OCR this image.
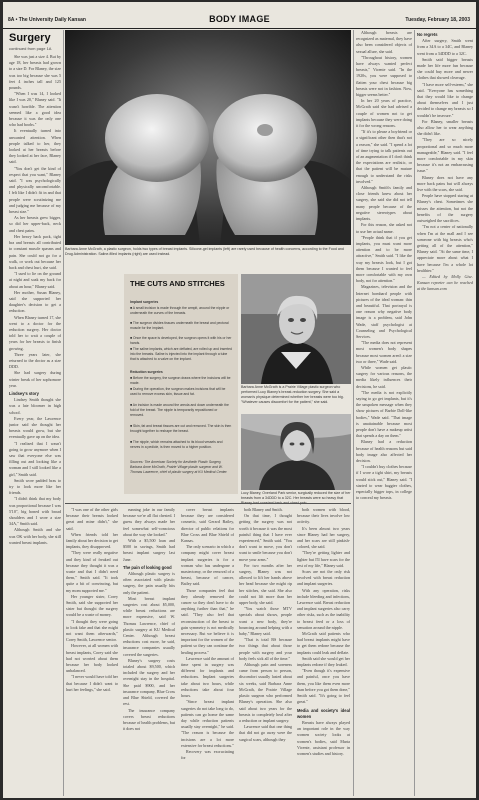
8A • The University Daily Kansan	BODY IMAGE	Tuesday, February 18, 2003
Surgery
continued from page 1A

She was just a size 4. But by age 18, her breasts had grown to a size D. For Blaney, the size was too big because she was 5 feet 4 inches tall and 125 pounds.

"When I was 14, I looked like I was 20," Blaney said. "It wasn't horrible. The attention seemed like a good idea because it was the only one who had boobs."

It eventually turned into unwanted attention. When people talked to her, they looked at her breasts before they looked at her face, Blaney said.

"You don't get the kind of respect that you want," Blaney said. "I was psychologically and physically uncomfortable. I felt like I didn't fit in and that people were scrutinizing me and judging me because of my breast size."

As her breasts grew bigger, so did her upper-back, neck and chest pains.

Her heavy back pack, tight bra and breasts all contributed to constant muscle spasms and pain. She could not go for a walk, or work out because her back and chest hurt, she said.

"I used to lie on the ground at night and soak my back for about an hour," Blaney said.

Her mother, Susan Blaney, said she supported her daughter's decision to get a reduction.

When Blaney turned 17, she went to a doctor for the reduction surgery. Her doctor told her to wait a couple of years for her breasts to finish growing.

Three years later, she returned to the doctor as a size DDD.

She had surgery during winter break of her sophomore year.

Lindsey's story

Lindsey Smith thought she was a late bloomer in high school.

Every year, the Lawrence junior said she thought her breasts would grow, but she eventually gave up on the idea.

"I realized that I wasn't going to grow anymore when I saw that everyone else was filling out and looking like a woman and I still looked like a girl," Smith said.

Smith wore padded bras to try to look more like her friends.

"I didn't think that my body was proportional because I was 5'10", big boned with broad shoulders and I wore a size 34A," Smith said.

Although Smith and she was OK with her body, she still wanted breast implants.

"I was one of the other girls because their breasts looked great and mine didn't," she said.

When friends told her family about her decision to get implants, they disapproved.

"They were really negative and they kind of freaked out because they thought it was a waste and that I didn't need them," Smith said. "It took quite a bit of convincing, but my mom supported me."

Her younger sister, Corey Smith, said she supported her sister but thought the surgery would be a waste of money.

"I thought they were going to look fake and that she might not want them afterwards," Corey Smith, Lawrence senior.

However, at all women with breast implants, Corey said she had not worried about them because her body looked unbalanced.

"I never would have told her that because I didn't want to hurt her feelings," she said.

running joke in our family because we're all flat chested. I guess they always made her feel somewhat self-conscious about the way she looked."

With a $5,500 loan and $500 in savings, Smith had breast implant surgery last June.

The pain of looking good

Although plastic surgery is often associated with plastic surgery, the pain usually hits only the patient.

Most breast implant surgeries cost about $5,000, while breast reductions are more expensive, said W. Thomas Lawrence, chief of plastic surgery at KU Medical Center. Although breast reductions cost more, he said, insurance companies usually covered the surgeries.

Blaney's surgery costs totaled about $9,500, which included the surgery and her overnight stay in the hospital. She paid $900, and her insurance company, Blue Cross and Blue Shield, covered the rest.

The insurance company covers breast reductions because of health problems, but it does not

cover breast implants because they are considered cosmetic, said Gerard Bailey, director of public relations for Blue Cross and Blue Shield of Kansas.

The only scenario in which a company might cover breast implant surgeries is for a woman who has undergone a mastectomy, or the removal of a breast, because of cancer, Bailey said.

Those companies feel that they already removed the cancer so they don't have to do anything further than that," he said. "They also feel that reconstruction of the breast to gain symmetry is not medically necessary. But we believe it is important for the women of the patient so they can continue the healing process."

Lawrence said the amount of time spent in surgery was different for implants and reductions. Implant surgeries take about two hours, while reductions take about four hours.

"Since breast implant surgeries do not take long to do, patients can go home the same day while reduction patients usually stay overnight," he said. "The reason is because the incisions are a lot more extensive for breast reductions."

Recovery was excruciating for

both Blaney and Smith.

On that time, I thought getting the surgery was not worth it because it was the most painful thing that I have ever experienced," Smith said. "You don't want to move, you don't want to smile because you don't move your arms."

For two months after her surgery, Blaney was not allowed to lift her hands above her head because she might rip her stitches, she said. She also could not lift more than her upper body, she said.

"You watch those MTV specials about shows, people want a new body, they're bouncing around helping with a baby," Blaney said.

"That is total BS because two things that about those people with surgery and your body feels sick all of the time."

Although pain and soreness came from person to person, discomfort usually lasted about six weeks, said Barbara Anne McGrath, the Prairie Village plastic surgeon who performed Blaney's operation. She also said about two years for the breasts to completely heal after a reduction or implant surgery.

Lawrence said that one thing that did not go away were the surgical scars, although they

both women with blood, because their lives involve low activity.

It's been almost two years since Blaney had her surgery, and her scars are still pinkish-colored, she said.

"They're getting lighter and lighter but I'll have scars for the rest of my life," Blaney said.

Scars are not the only risk involved with breast reduction and implant surgeries.

With any operation, risks include bleeding and infections, Lawrence said. Breast reduction and implant surgeries also carry other risks, such as the inability to breast feed or a loss of sensation around the nipple.

McGrath said patients who had breast implants might have to get them redone because the implants could leak and deflate.

Smith said she would get her implants redone if they leaked.

"Even though it's expensive and painful, once you have them, you like them even more than before you got them done," Smith said. "It's going to feel great."

Media and society's ideal women

Breasts have always played an important role in the way women society looks at women's bodies, said Marta Vicente, assistant professor in women's studies and history.

Although breasts are recognized as maternal, they have also been considered objects of sexual allure, she said.

"Throughout history, women have always wanted perfect breasts," Vicente said. "In the 1920s, you were supposed to flatten your chest because big breasts were not in fashion. Now, bigger seems better."

In her 20 years of practice, McGrath said she had advised a couple of women not to get implants because they were doing it for the wrong reasons.

"If it's to please a boyfriend or a significant other then that's not a reason," she said. "I spend a lot of time trying to talk patients out of an augmentation if I don't think the expectations are realistic, or that the patient will be mature enough to understand the risks involved."

Although Smith's family and close friends knew about her surgery, she said she did not tell many people because of the negative stereotypes about implants.

For this reason, she asked not to use her actual name.

"People think that if you get implants, you must want more attention and to be more attractive," Smith said. "I like the way my breasts look, but I got them because I wanted to feel more comfortable with my own body, not for attention."

Magazines, television and the Internet bombard people with pictures of the ideal woman: thin and beautiful. That portrayal is one reason why negative body image is a problem, said John Wade, staff psychologist at Counseling and Psychological Services.

"The media does not represent most women's body shapes because most women aren't a size two or three," Wade said.

While women get plastic surgery for various reasons, the media likely influences their decisions, he said.

"The media is not explicitly saying to go get implants, but it's the unspoken message when they show pictures of Barbie Doll-like bodies," Wade said. "That image is unattainable because most people don't have a makeup artist that spends a day on them."

Blaney had a reduction because of health reasons but said body image also affected her decision.

"I couldn't buy clothes because if I wore a tight shirt, my breasts would stick out," Blaney said. "I started to wear baggier clothes, especially bigger tops, in college to conceal my breasts.

No regrets

After surgery, Smith went from a 34A to a 34C, and Blaney went from a 34DDD to a 32C.

Smith said bigger breasts made her life more fun because she could buy more and newer clothes that showed cleavage.

"I have more self-esteem," she said. "Everyone has something that they would like to change about themselves and I just decided to change my breasts so I wouldn't be insecure."

For Blaney, smaller breasts also allow her to wear anything she didn't like.

"They are so nicely proportional and so much more manageable," Blaney said. "I feel more comfortable in my skin because it's not an embarrassing issue."

Blaney does not have any more back pains but will always live with the scars, she said.

People have stopped staring at Blaney's chest. Sometimes she misses the attention, but not the benefits of the surgery outweighed the sacrifices.

"I'm not a center of nationally when I'm at the mall and I see someone with big breasts who's getting all of the attention," Blaney said. "At the same time, I appreciate more about what I have because I'm a whole lot healthier."

— Edited by Molly Gise. Kansan reporter can be reached at the kansan.com

Barbara Anne McGrath, a plastic surgeon, holds two types of breast implants. Silicone-gel implants (left) are rarely used because of health concerns, according to the Food and Drug Administration. Saline-filled implants (right) are used instead.
THE CUTS AND STITCHES
Implant surgeries
■ A small incision is made through the armpit, around the nipple or underneath the curves of the breasts.
■ The surgeon divides tissues underneath the breast and pectoral muscle for the implant.
■ Once the space is developed, the surgeon opens it with his or her hands.
■ The saline implants, which are deflated, are rolled up and inserted into the breasts. Saline is injected into the implant through a tube that is attached to a valve on the implant.
Reduction surgeries
■ Before the surgery, the surgeon draws where the incisions will be made.
■ During the operation, the surgeon makes incisions that will be used to remove excess skin, tissue and fat.
■ An incision is made around the areola and down underneath the fold of the breast. The nipple is temporarily repositioned or removed.
■ Skin, fat and breast tissues are cut and removed. The skin is then brought together to reshape the breast.
■ The nipple, which remains attached to its blood vessels and nerves in a pedicle, is then moved to a higher position.
Sources: The American Society for Aesthetic Plastic Surgery, Barbara Anne McGrath, Prairie Village plastic surgeon and W. Thomas Lawrence, chief of plastic surgery at KU Medical Center.
Barbara Anne McGrath is a Prairie Village plastic surgeon who performed Lucy Blaney's breast-reduction surgery. She said a woman's physique determined whether her breasts were too big. "Whatever causes discomfort for the patient," she said.
Lucy Blaney, Overland Park senior, surgically reduced the size of her breasts from a 34DDD to a 32C. Her breasts were so heavy that
